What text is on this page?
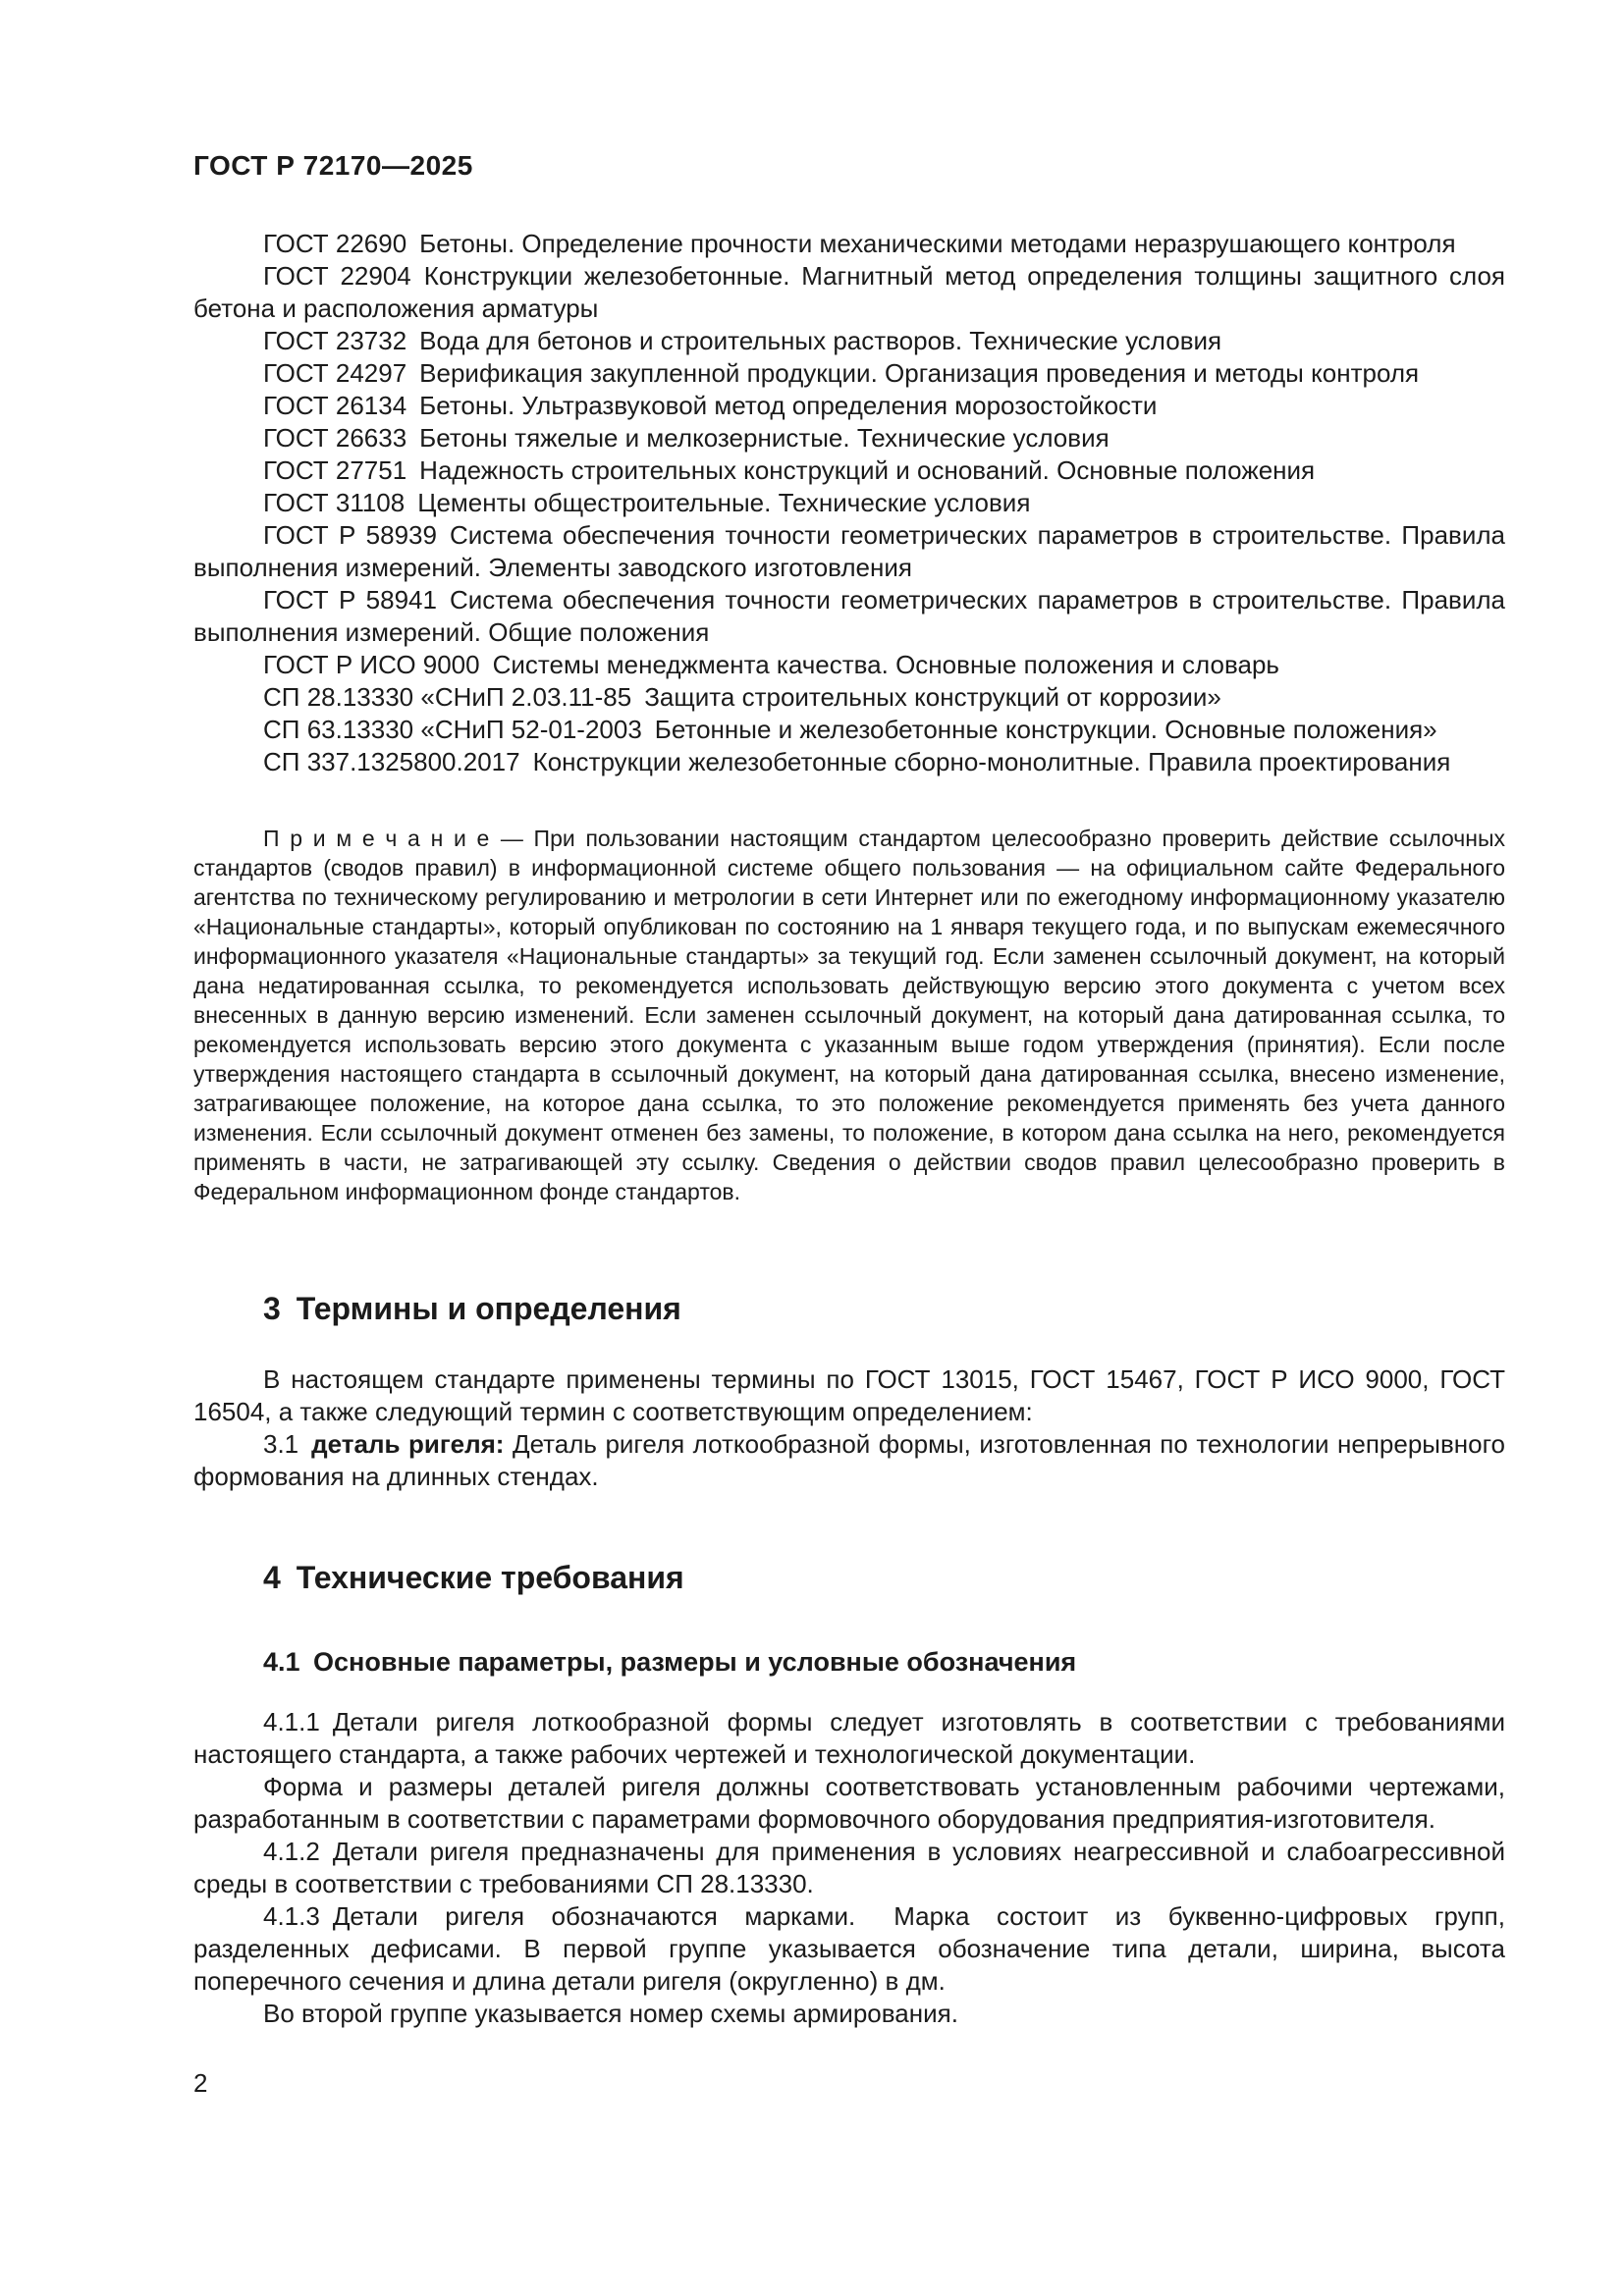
ГОСТ Р 72170—2025

ГОСТ 22690 Бетоны. Определение прочности механическими методами неразрушающего контроля

ГОСТ 22904 Конструкции железобетонные. Магнитный метод определения толщины защитного слоя бетона и расположения арматуры

ГОСТ 23732 Вода для бетонов и строительных растворов. Технические условия

ГОСТ 24297 Верификация закупленной продукции. Организация проведения и методы контроля

ГОСТ 26134 Бетоны. Ультразвуковой метод определения морозостойкости

ГОСТ 26633 Бетоны тяжелые и мелкозернистые. Технические условия

ГОСТ 27751 Надежность строительных конструкций и оснований. Основные положения

ГОСТ 31108 Цементы общестроительные. Технические условия

ГОСТ Р 58939 Система обеспечения точности геометрических параметров в строительстве. Правила выполнения измерений. Элементы заводского изготовления

ГОСТ Р 58941 Система обеспечения точности геометрических параметров в строительстве. Правила выполнения измерений. Общие положения

ГОСТ Р ИСО 9000 Системы менеджмента качества. Основные положения и словарь

СП 28.13330 «СНиП 2.03.11-85 Защита строительных конструкций от коррозии»

СП 63.13330 «СНиП 52-01-2003 Бетонные и железобетонные конструкции. Основные положения»

СП 337.1325800.2017 Конструкции железобетонные сборно-монолитные. Правила проектирования

П р и м е ч а н и е — При пользовании настоящим стандартом целесообразно проверить действие ссылочных стандартов (сводов правил) в информационной системе общего пользования — на официальном сайте Федерального агентства по техническому регулированию и метрологии в сети Интернет или по ежегодному информационному указателю «Национальные стандарты», который опубликован по состоянию на 1 января текущего года, и по выпускам ежемесячного информационного указателя «Национальные стандарты» за текущий год. Если заменен ссылочный документ, на который дана недатированная ссылка, то рекомендуется использовать действующую версию этого документа с учетом всех внесенных в данную версию изменений. Если заменен ссылочный документ, на который дана датированная ссылка, то рекомендуется использовать версию этого документа с указанным выше годом утверждения (принятия). Если после утверждения настоящего стандарта в ссылочный документ, на который дана датированная ссылка, внесено изменение, затрагивающее положение, на которое дана ссылка, то это положение рекомендуется применять без учета данного изменения. Если ссылочный документ отменен без замены, то положение, в котором дана ссылка на него, рекомендуется применять в части, не затрагивающей эту ссылку. Сведения о действии сводов правил целесообразно проверить в Федеральном информационном фонде стандартов.

3 Термины и определения

В настоящем стандарте применены термины по ГОСТ 13015, ГОСТ 15467, ГОСТ Р ИСО 9000, ГОСТ 16504, а также следующий термин с соответствующим определением:

3.1 деталь ригеля: Деталь ригеля лоткообразной формы, изготовленная по технологии непрерывного формования на длинных стендах.

4 Технические требования
4.1 Основные параметры, размеры и условные обозначения

4.1.1 Детали ригеля лоткообразной формы следует изготовлять в соответствии с требованиями настоящего стандарта, а также рабочих чертежей и технологической документации.

Форма и размеры деталей ригеля должны соответствовать установленным рабочими чертежами, разработанным в соответствии с параметрами формовочного оборудования предприятия-изготовителя.

4.1.2 Детали ригеля предназначены для применения в условиях неагрессивной и слабоагрессивной среды в соответствии с требованиями СП 28.13330.

4.1.3 Детали ригеля обозначаются марками.  Марка состоит из буквенно-цифровых групп, разделенных дефисами. В первой группе указывается обозначение типа детали, ширина, высота поперечного сечения и длина детали ригеля (округленно) в дм.

Во второй группе указывается номер схемы армирования.

2
